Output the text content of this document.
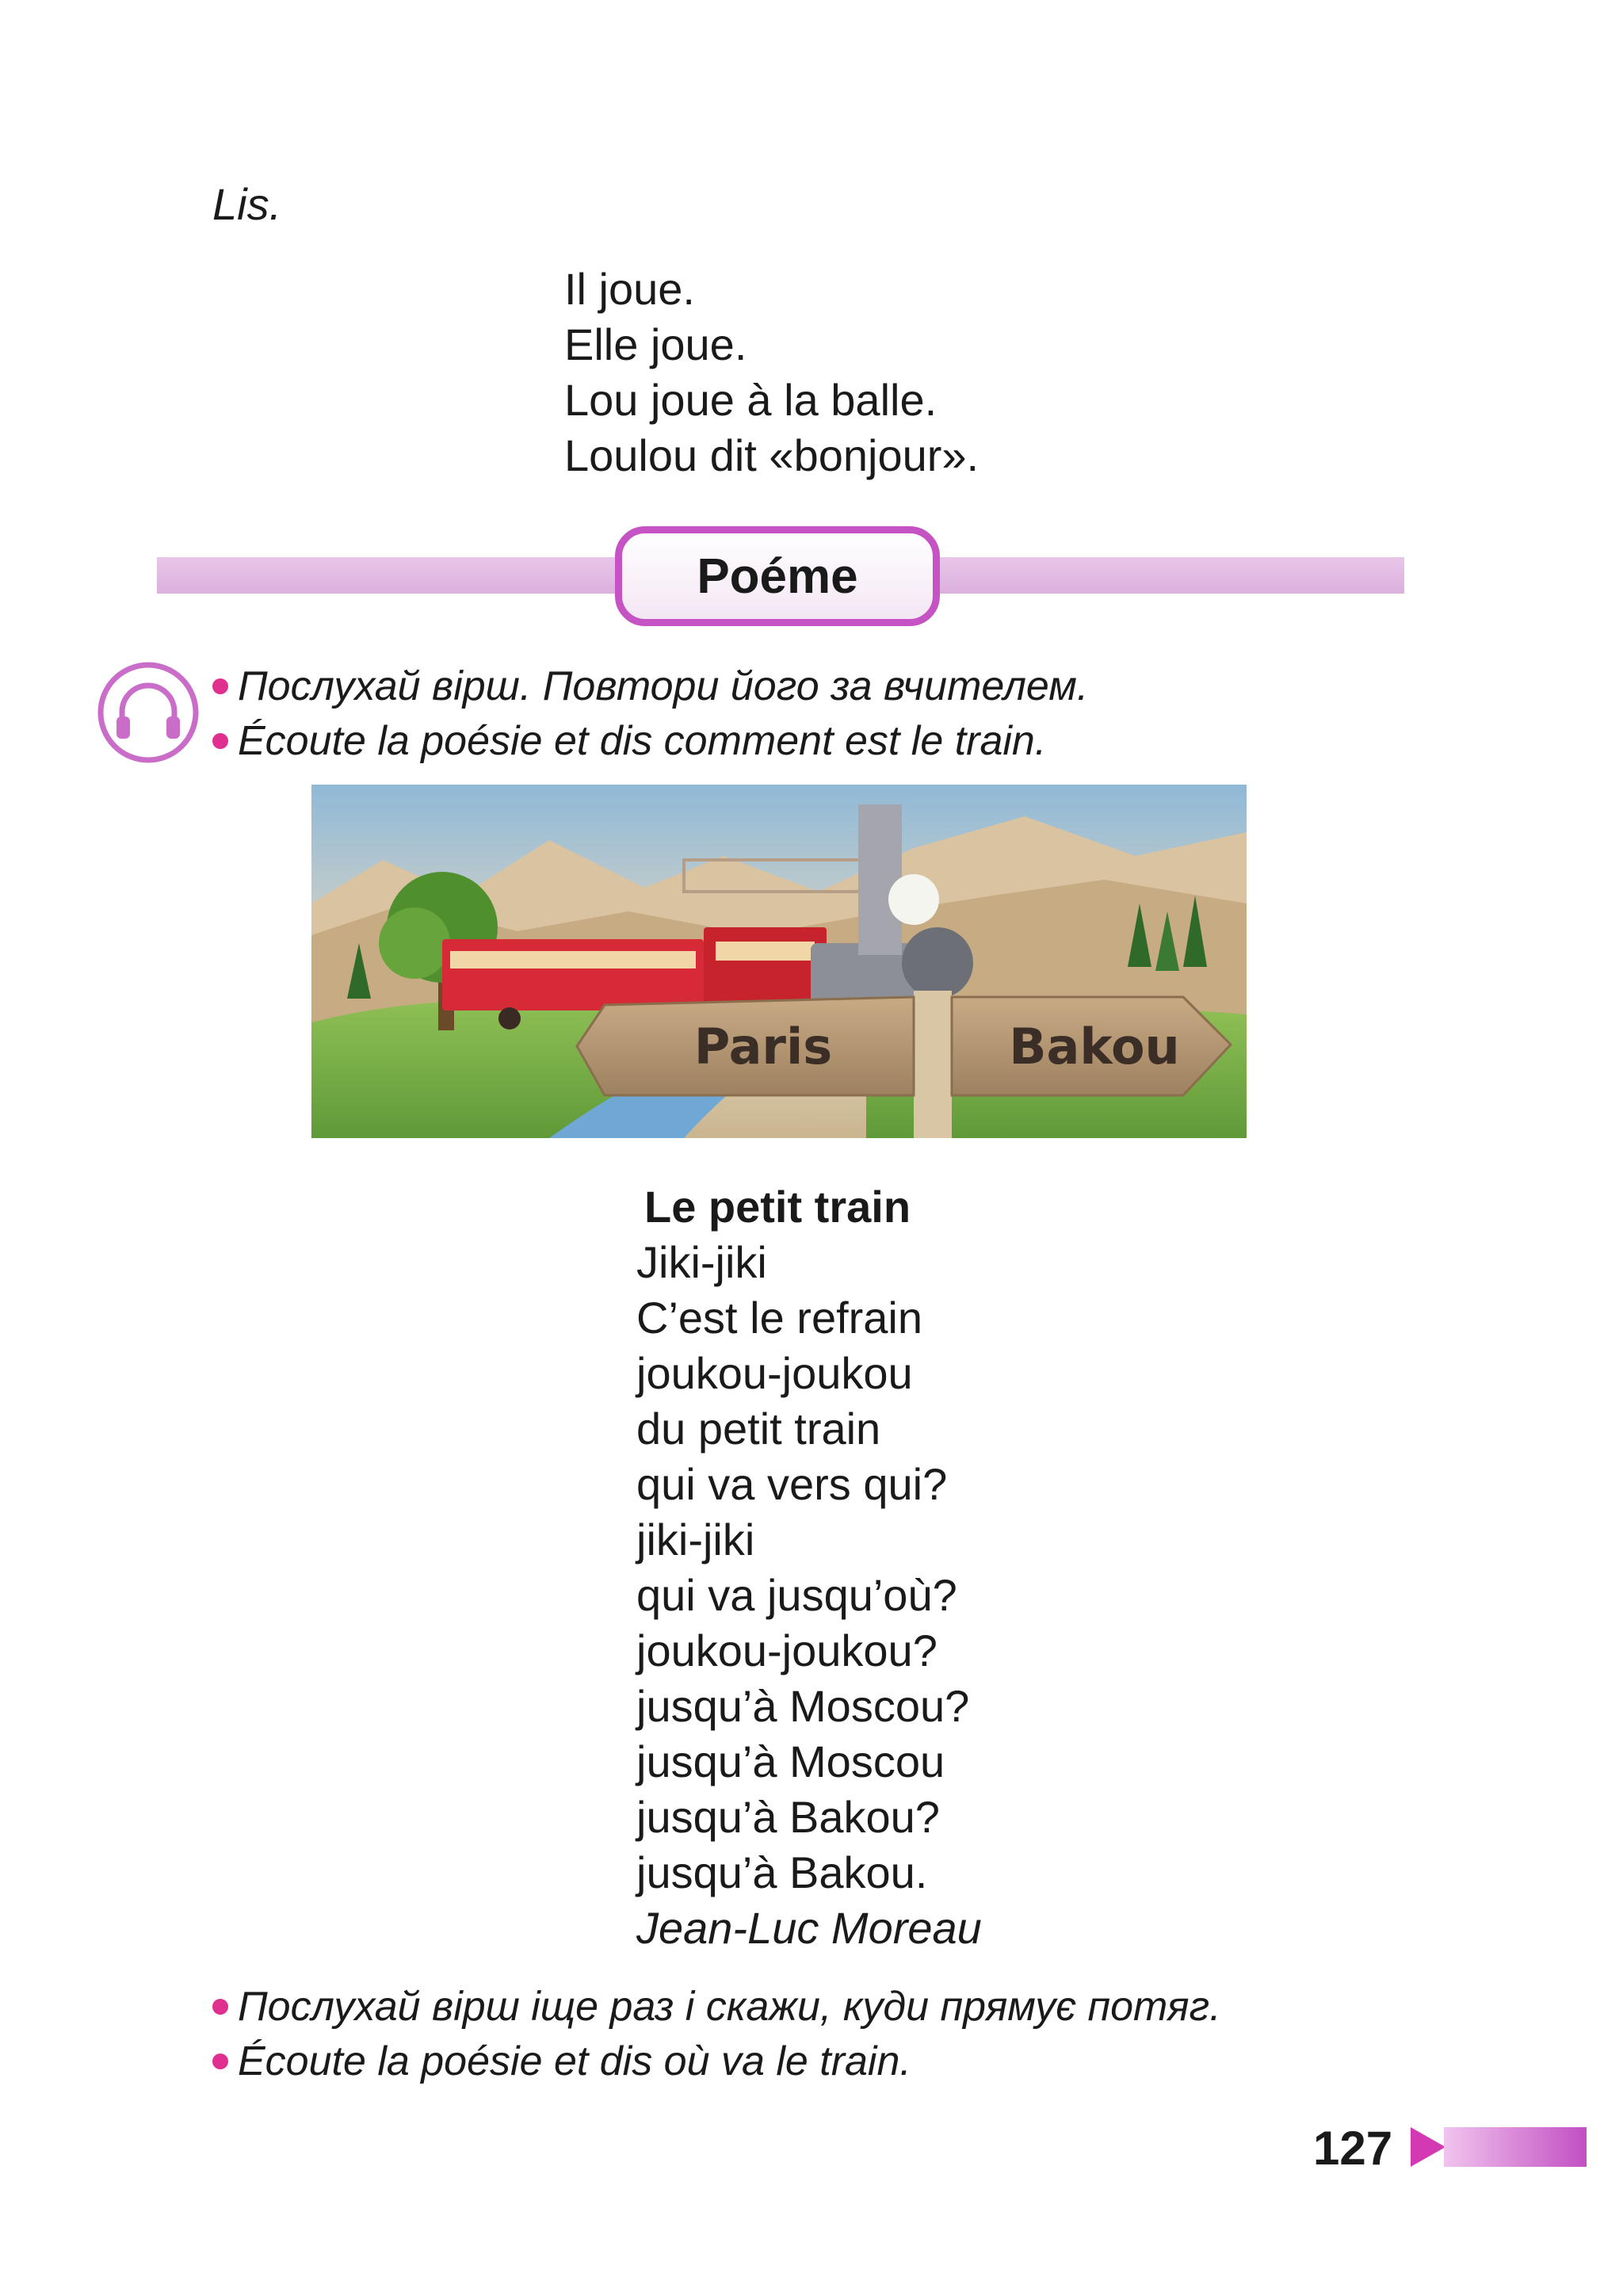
Lis.
Il joue.
Elle joue.
Lou joue à la balle.
Loulou dit «bonjour».
Poéme
Послухай вірш. Повтори його за вчителем.
Écoute la poésie et dis comment est le train.
Paris	Bakou
Le petit train
Jiki-jiki
C’est le refrain
joukou-joukou
du petit train
qui va vers qui?
jiki-jiki
qui va jusqu’où?
joukou-joukou?
jusqu’à Moscou?
jusqu’à Moscou
jusqu’à Bakou?
jusqu’à Bakou.
Jean-Luc Moreau
Послухай вірш іще раз і скажи, куди прямує потяг.
Écoute la poésie et dis où va le train.
127
